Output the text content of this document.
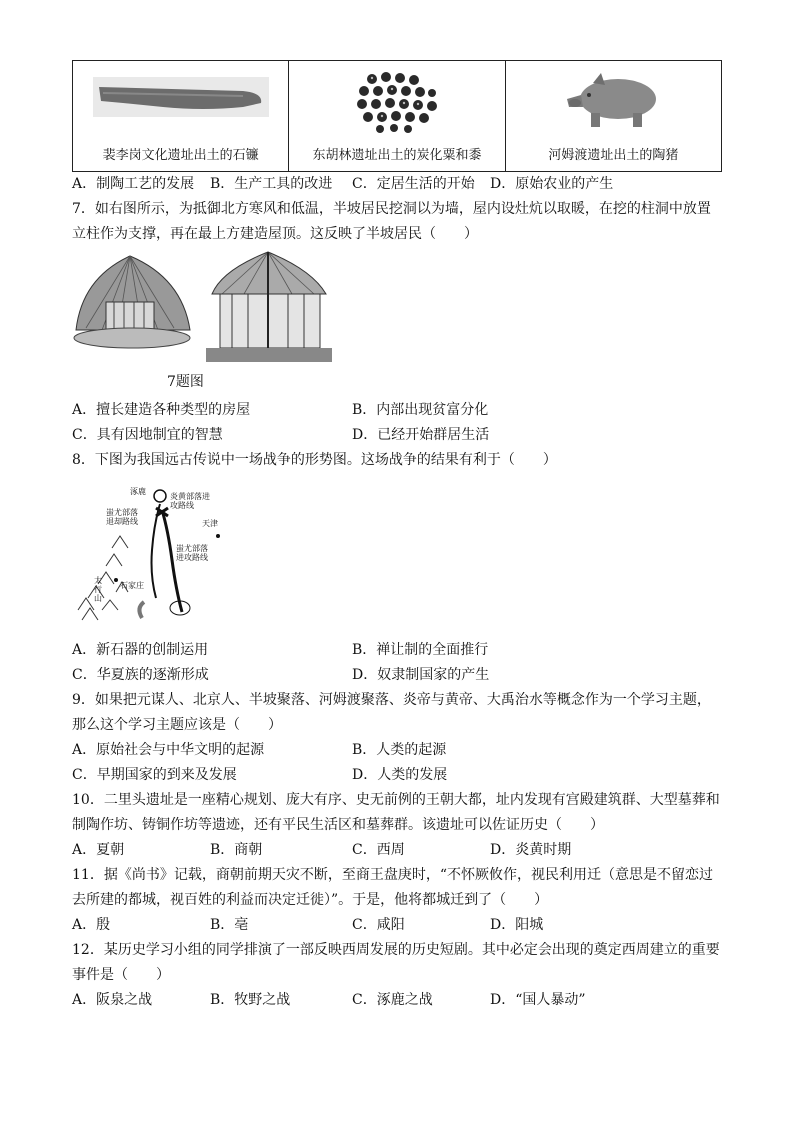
裴李岗文化遗址出土的石镰	东胡林遗址出土的炭化粟和黍	河姆渡遗址出土的陶猪
A．制陶工艺的发展 B．生产工具的改进 C．定居生活的开始 D．原始农业的产生
7．如右图所示，为抵御北方寒风和低温，半坡居民挖洞以为墙，屋内设灶炕以取暖，在挖的柱洞中放置
立柱作为支撑，再在最上方建造屋顶。这反映了半坡居民（　　）
7题图
A．擅长建造各种类型的房屋	B．内部出现贫富分化
C．具有因地制宜的智慧	D．已经开始群居生活
8．下图为我国远古传说中一场战争的形势图。这场战争的结果有利于（　　）
涿鹿
炎黄部落进攻路线
蚩尤部落退却路线	天津
蚩尤部落进攻路线
太行山
石家庄
A．新石器的创制运用	B．禅让制的全面推行
C．华夏族的逐渐形成	D．奴隶制国家的产生
9．如果把元谋人、北京人、半坡聚落、河姆渡聚落、炎帝与黄帝、大禹治水等概念作为一个学习主题，
那么这个学习主题应该是（　　）
A．原始社会与中华文明的起源	B．人类的起源
C．早期国家的到来及发展	D．人类的发展
10．二里头遗址是一座精心规划、庞大有序、史无前例的王朝大都，址内发现有宫殿建筑群、大型墓葬和
制陶作坊、铸铜作坊等遗迹，还有平民生活区和墓葬群。该遗址可以佐证历史（　　）
A．夏朝	B．商朝	C．西周	D．炎黄时期
11．据《尚书》记载，商朝前期天灾不断，至商王盘庚时，“不怀厥攸作，视民利用迁（意思是不留恋过
去所建的都城，视百姓的利益而决定迁徙）”。于是，他将都城迁到了（　　）
A．殷	B．亳	C．咸阳	D．阳城
12．某历史学习小组的同学排演了一部反映西周发展的历史短剧。其中必定会出现的奠定西周建立的重要
事件是（　　）
A．阪泉之战	B．牧野之战	C．涿鹿之战	D．“国人暴动”
